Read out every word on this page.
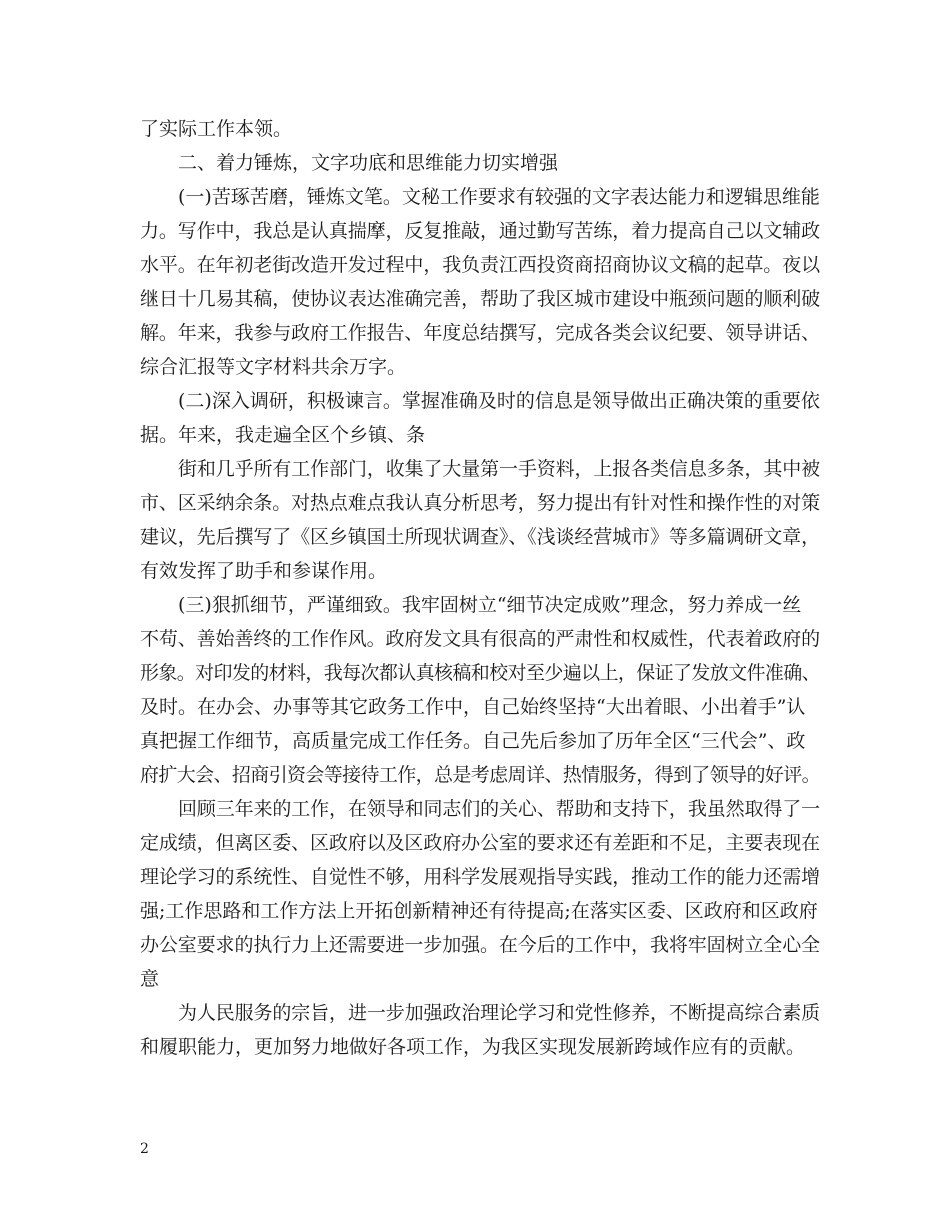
了实际工作本领。
二、着力锤炼，文字功底和思维能力切实增强
(一)苦琢苦磨，锤炼文笔。文秘工作要求有较强的文字表达能力和逻辑思维能
力。写作中，我总是认真揣摩，反复推敲，通过勤写苦练，着力提高自己以文辅政
水平。在年初老街改造开发过程中，我负责江西投资商招商协议文稿的起草。夜以
继日十几易其稿，使协议表达准确完善，帮助了我区城市建设中瓶颈问题的顺利破
解。年来，我参与政府工作报告、年度总结撰写，完成各类会议纪要、领导讲话、
综合汇报等文字材料共余万字。
(二)深入调研，积极谏言。掌握准确及时的信息是领导做出正确决策的重要依
据。年来，我走遍全区个乡镇、条
街和几乎所有工作部门，收集了大量第一手资料，上报各类信息多条，其中被
市、区采纳余条。对热点难点我认真分析思考，努力提出有针对性和操作性的对策
建议，先后撰写了《区乡镇国土所现状调查》、《浅谈经营城市》等多篇调研文章，
有效发挥了助手和参谋作用。
(三)狠抓细节，严谨细致。我牢固树立“细节决定成败”理念，努力养成一丝
不苟、善始善终的工作作风。政府发文具有很高的严肃性和权威性，代表着政府的
形象。对印发的材料，我每次都认真核稿和校对至少遍以上，保证了发放文件准确、
及时。在办会、办事等其它政务工作中，自己始终坚持“大出着眼、小出着手”认
真把握工作细节，高质量完成工作任务。自己先后参加了历年全区“三代会”、政
府扩大会、招商引资会等接待工作，总是考虑周详、热情服务，得到了领导的好评。
回顾三年来的工作，在领导和同志们的关心、帮助和支持下，我虽然取得了一
定成绩，但离区委、区政府以及区政府办公室的要求还有差距和不足，主要表现在
理论学习的系统性、自觉性不够，用科学发展观指导实践，推动工作的能力还需增
强;工作思路和工作方法上开拓创新精神还有待提高;在落实区委、区政府和区政府
办公室要求的执行力上还需要进一步加强。在今后的工作中，我将牢固树立全心全
意
为人民服务的宗旨，进一步加强政治理论学习和党性修养，不断提高综合素质
和履职能力，更加努力地做好各项工作，为我区实现发展新跨域作应有的贡献。
2
